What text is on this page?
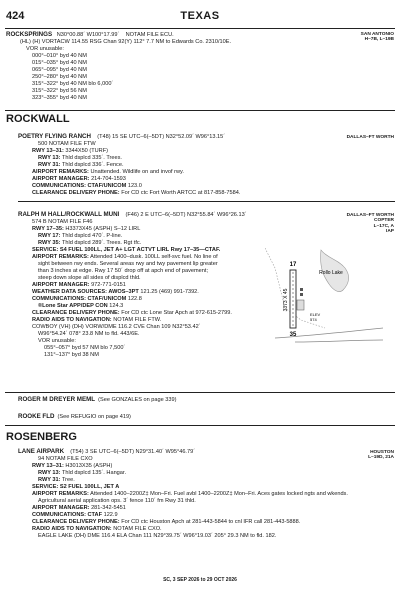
424	TEXAS
ROCKSPRINGS N30°00.88´ W100°17.99´ NOTAM FILE ECU.	SAN ANTONIO
H–7B, L–19B
(HL) (H) VORTACW 114.55 RSG Chan 92(Y) 112° 7.7 NM to Edwards Co. 2310/10E.
VOR unusable:
000°–010° byd 40 NM
015°–035° byd 40 NM
065°–095° byd 40 NM
250°–280° byd 40 NM
315°–322° byd 40 NM blo 6,000´
315°–322° byd 56 NM
323°–355° byd 40 NM
ROCKWALL
POETRY FLYING RANCH (T48) 15 SE UTC–6(–5DT) N32°52.09´ W96°13.15´	DALLAS–FT WORTH
500 NOTAM FILE FTW
RWY 13–31: 3344X50 (TURF)
RWY 13: Thld dsplcd 335´. Trees.
RWY 31: Thld dsplcd 336´. Fence.
AIRPORT REMARKS: Unattended. Wildlife on and invof rwy.
AIRPORT MANAGER: 214-704-1593
COMMUNICATIONS: CTAF/UNICOM 123.0
CLEARANCE DELIVERY PHONE: For CD ctc Fort Worth ARTCC at 817-858-7584.
RALPH M HALL/ROCKWALL MUNI (F46) 2 E UTC–6(–5DT) N32°55.84´ W96°26.13´	DALLAS–FT WORTH
COPTER
L–17C, A
IAP
574 B NOTAM FILE F46
RWY 17–35: H3373X45 (ASPH) S–12 LIRL
RWY 17: Thld dsplcd 470´. P-line.
RWY 35: Thld dsplcd 289´. Trees. Rgt tfc.
SERVICE: S4 FUEL 100LL, JET A+ LGT ACTVT LIRL Rwy 17–35—CTAF.
AIRPORT REMARKS: Attended 1400–dusk. 100LL self-svc fuel. No line of
sight between rwy ends. Several areas rwy and twy pavement lip greater
than 3 inches at edge. Rwy 17 50´ drop off at apch end of pavement;
steep down slope all sides of displcd thld.
AIRPORT MANAGER: 972-771-0151
WEATHER DATA SOURCES: AWOS–3PT 121.25 (469) 991-7392.
COMMUNICATIONS: CTAF/UNICOM 122.8
®Lone Star APP/DEP CON 124.3
CLEARANCE DELIVERY PHONE: For CD ctc Lone Star Apch at 972-615-2799.
RADIO AIDS TO NAVIGATION: NOTAM FILE FTW.
COWBOY (VH) (DH) VORW/DME 116.2 CVE Chan 109 N32°53.42´
W96°54.24´ 078° 23.8 NM to fld. 443/6E.
VOR unusable:
055°–057° byd 57 NM blo 7,500´
131°–137° byd 38 NM
Rollo Lake
17
35
3373 X 45
ELEV
574
ROGER M DREYER MEML (See GONZALES on page 339)
ROOKE FLD (See REFUGIO on page 419)
ROSENBERG
LANE AIRPARK (T54) 3 SE UTC–6(–5DT) N29°31.40´ W95°46.79´	HOUSTON
L–19D, 21A
94 NOTAM FILE CXO
RWY 13–31: H3013X35 (ASPH)
RWY 13: Thld dsplcd 135´. Hangar.
RWY 31: Tree.
SERVICE: S2 FUEL 100LL, JET A
AIRPORT REMARKS: Attended 1400–2200Z‡ Mon–Fri. Fuel avbl 1400–2200Z‡ Mon–Fri. Aces gates locked ngts and wkends.
Agricultural aerial application ops. 3´ fence 110´ fm Rwy 31 thld.
AIRPORT MANAGER: 281-342-5451
COMMUNICATIONS: CTAF 122.9
CLEARANCE DELIVERY PHONE: For CD ctc Houston Apch at 281-443-5844 to cnl IFR call 281-443-5888.
RADIO AIDS TO NAVIGATION: NOTAM FILE CXO.
EAGLE LAKE (DH) DME 116.4 ELA Chan 111 N29°39.75´ W96°19.03´ 205° 29.3 NM to fld. 182.
SC, 3 SEP 2026 to 29 OCT 2026
